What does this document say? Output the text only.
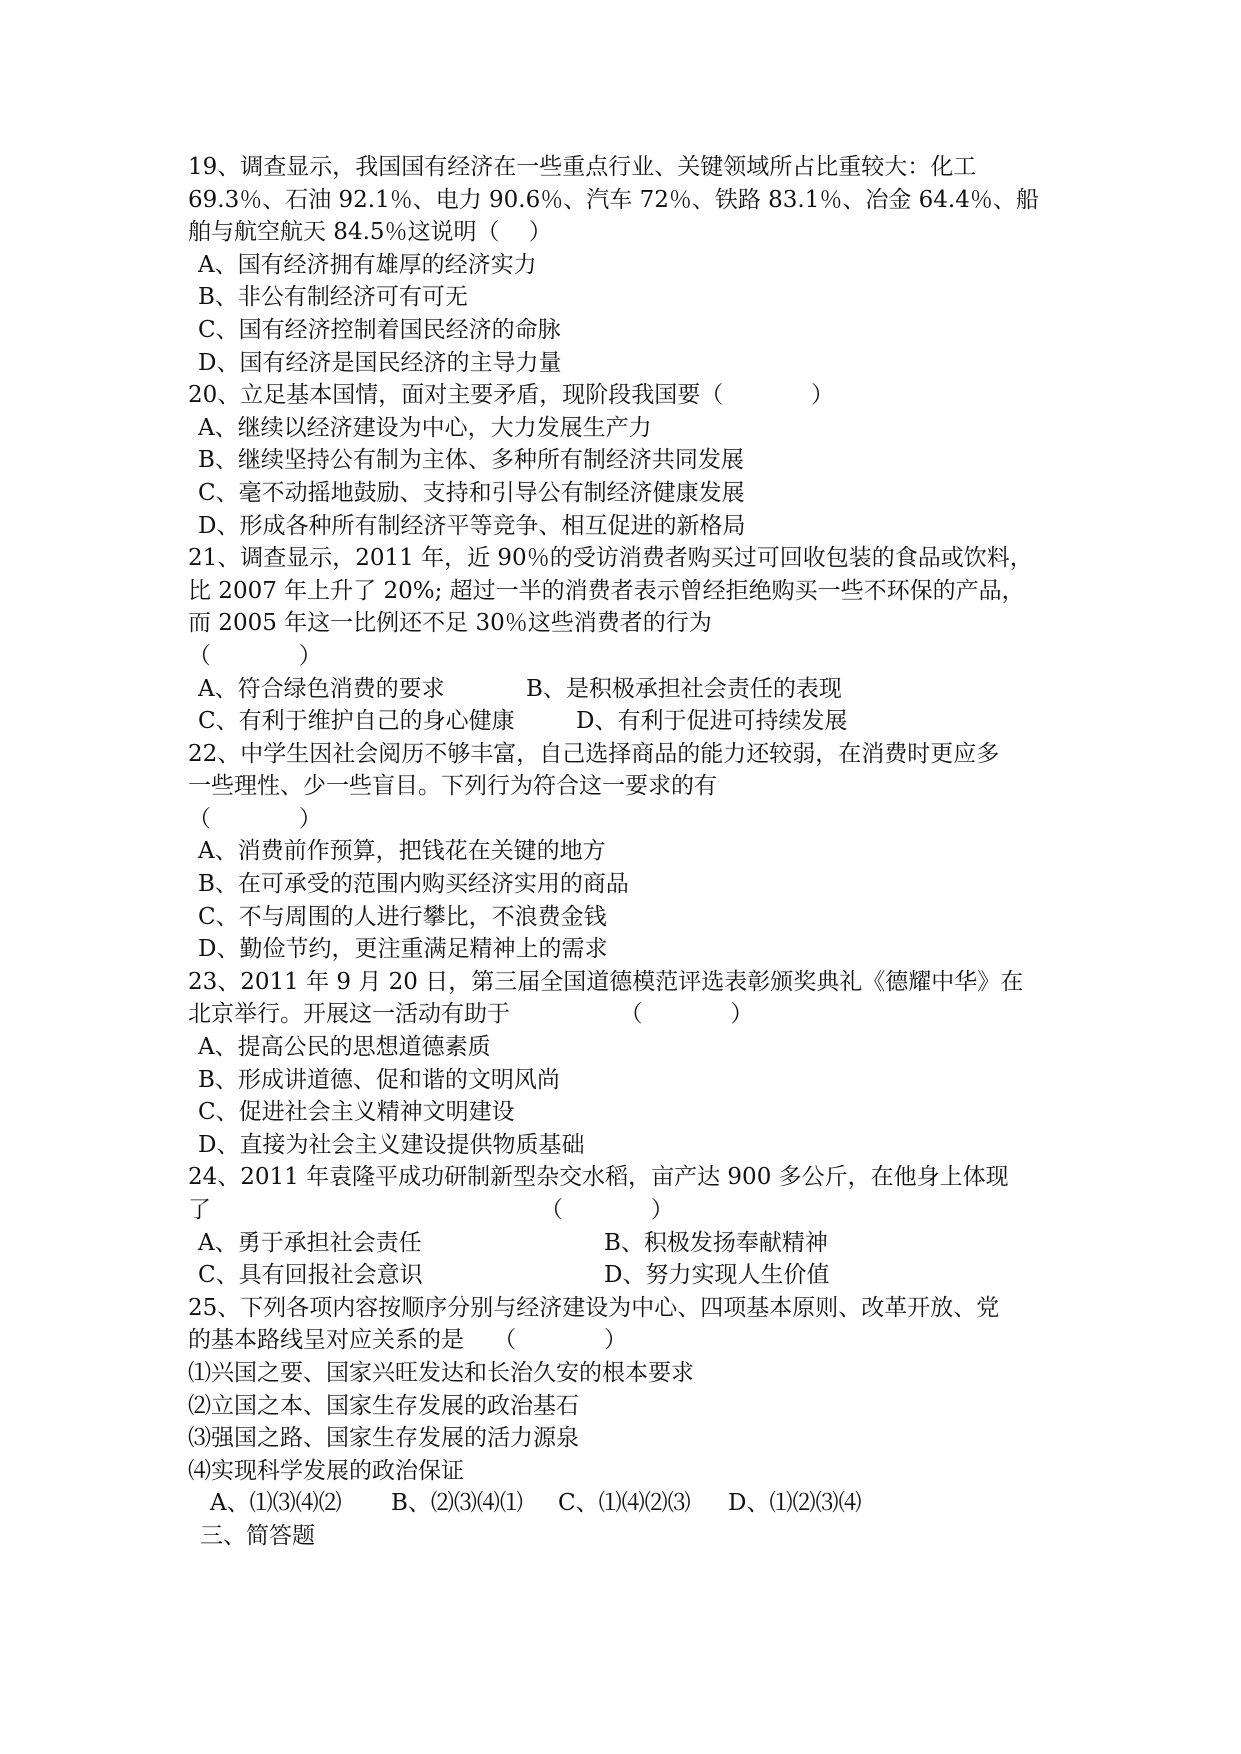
19、调查显示，我国国有经济在一些重点行业、关键领域所占比重较大：化工
69.3％、石油 92.1％、电力 90.6％、汽车 72％、铁路 83.1％、冶金 64.4％、船
舶与航空航天 84.5％这说明（    ）
A、国有经济拥有雄厚的经济实力
B、非公有制经济可有可无
C、国有经济控制着国民经济的命脉
D、国有经济是国民经济的主导力量
20、立足基本国情，面对主要矛盾，现阶段我国要（            ）
A、继续以经济建设为中心，大力发展生产力
B、继续坚持公有制为主体、多种所有制经济共同发展
C、毫不动摇地鼓励、支持和引导公有制经济健康发展
D、形成各种所有制经济平等竞争、相互促进的新格局
21、调查显示，2011 年，近 90％的受访消费者购买过可回收包装的食品或饮料，
比 2007 年上升了 20%; 超过一半的消费者表示曾经拒绝购买一些不环保的产品，
而 2005 年这一比例还不足 30％这些消费者的行为
（            ）

A、符合绿色消费的要求

	B、是积极承担社会责任的表现

C、有利于维护自己的身心健康

	D、有利于促进可持续发展

22、中学生因社会阅历不够丰富，自己选择商品的能力还较弱，在消费时更应多
一些理性、少一些盲目。下列行为符合这一要求的有
（            ）
A、消费前作预算，把钱花在关键的地方
B、在可承受的范围内购买经济实用的商品
C、不与周围的人进行攀比，不浪费金钱
D、勤俭节约，更注重满足精神上的需求
23、2011 年 9 月 20 日，第三届全国道德模范评选表彰颁奖典礼《德耀中华》在
北京举行。开展这一活动有助于               （            ）
A、提高公民的思想道德素质
B、形成讲道德、促和谐的文明风尚
C、促进社会主义精神文明建设
D、直接为社会主义建设提供物质基础
24、2011 年袁隆平成功研制新型杂交水稻，亩产达 900 多公斤，在他身上体现
了                                             （            ）

A、勇于承担社会责任

	B、积极发扬奉献精神

C、具有回报社会意识

	D、努力实现人生价值

25、下列各项内容按顺序分别与经济建设为中心、四项基本原则、改革开放、党
的基本路线呈对应关系的是    （            ）
⑴兴国之要、国家兴旺发达和长治久安的根本要求
⑵立国之本、国家生存发展的政治基石
⑶强国之路、国家生存发展的活力源泉
⑷实现科学发展的政治保证

A、⑴⑶⑷⑵

B、⑵⑶⑷⑴

C、⑴⑷⑵⑶

D、⑴⑵⑶⑷

三、简答题
